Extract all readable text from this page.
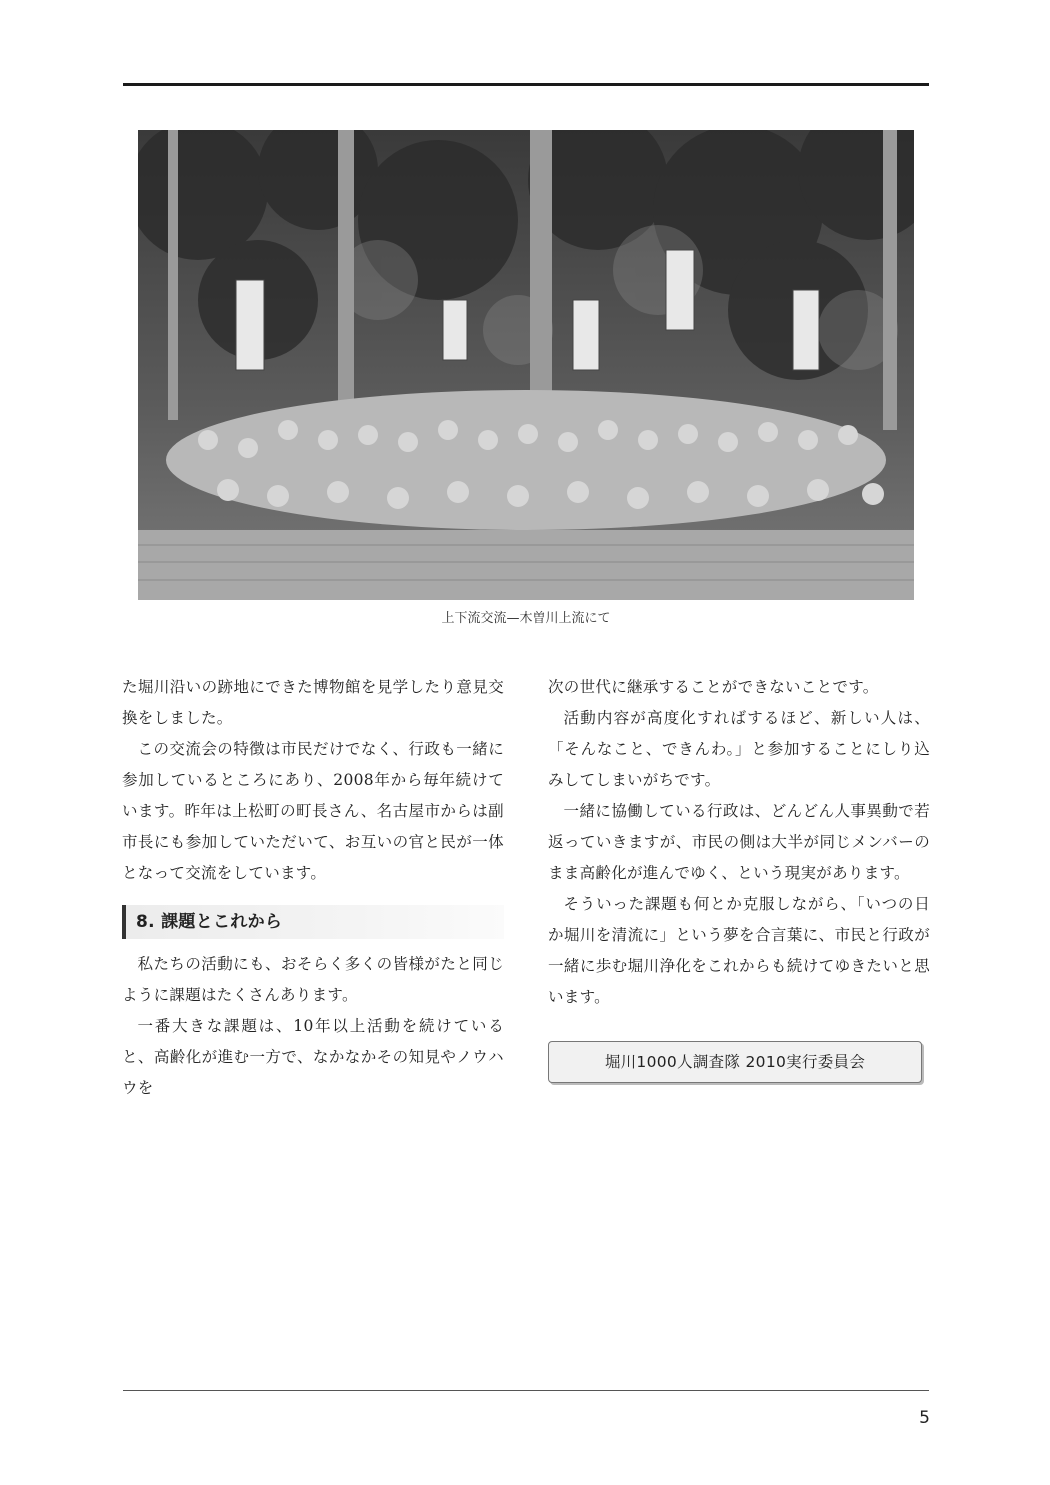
上下流交流—木曽川上流にて

た堀川沿いの跡地にできた博物館を見学したり意見交換をしました。

この交流会の特徴は市民だけでなく、行政も一緒に参加しているところにあり、2008年から毎年続けています。昨年は上松町の町長さん、名古屋市からは副市長にも参加していただいて、お互いの官と民が一体となって交流をしています。

8. 課題とこれから

私たちの活動にも、おそらく多くの皆様がたと同じように課題はたくさんあります。

一番大きな課題は、10年以上活動を続けていると、高齢化が進む一方で、なかなかその知見やノウハウを

次の世代に継承することができないことです。

活動内容が高度化すればするほど、新しい人は、「そんなこと、できんわ。」と参加することにしり込みしてしまいがちです。

一緒に協働している行政は、どんどん人事異動で若返っていきますが、市民の側は大半が同じメンバーのまま高齢化が進んでゆく、という現実があります。

そういった課題も何とか克服しながら、「いつの日か堀川を清流に」という夢を合言葉に、市民と行政が一緒に歩む堀川浄化をこれからも続けてゆきたいと思います。

堀川1000人調査隊 2010実行委員会
5
